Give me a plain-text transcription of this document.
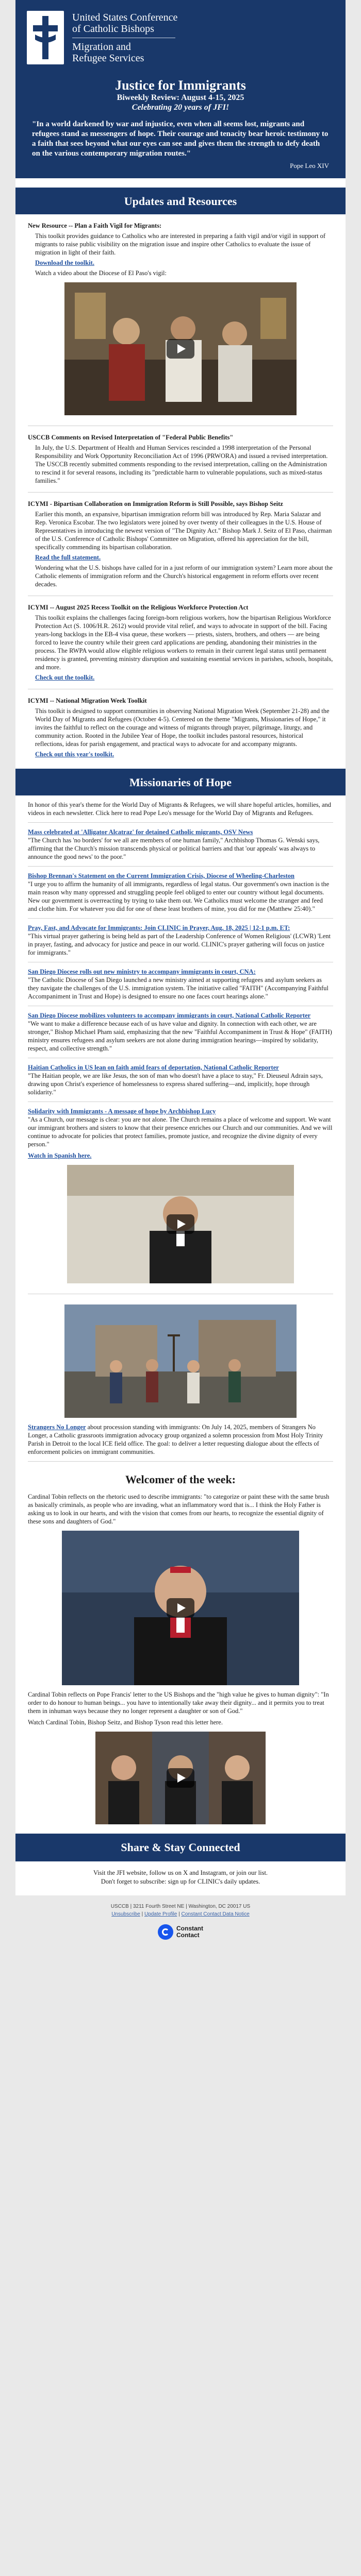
United States Conference
of Catholic Bishops
Migration and
Refugee Services
Justice for Immigrants
Biweekly Review: August 4-15, 2025
Celebrating 20 years of JFI!

"In a world darkened by war and injustice, even when all seems lost, migrants and refugees stand as messengers of hope. Their courage and tenacity bear heroic testimony to a faith that sees beyond what our eyes can see and gives them the strength to defy death on the various contemporary migration routes."

Pope Leo XIV
Updates and Resources
New Resource -- Plan a Faith Vigil for Migrants:

This toolkit provides guidance to Catholics who are interested in preparing a faith vigil and/or vigil in support of migrants to raise public visibility on the migration issue and inspire other Catholics to evaluate the issue of migration in light of their faith.

Download the toolkit.

Watch a video about the Diocese of El Paso's vigil:

USCCB Comments on Revised Interpretation of "Federal Public Benefits"

In July, the U.S. Department of Health and Human Services rescinded a 1998 interpretation of the Personal Responsibility and Work Opportunity Reconciliation Act of 1996 (PRWORA) and issued a revised interpretation. The USCCB recently submitted comments responding to the revised interpretation, calling on the Administration to rescind it for several reasons, including its "predictable harm to vulnerable populations, such as mixed-status families."

ICYMI - Bipartisan Collaboration on Immigration Reform is Still Possible, says Bishop Seitz

Earlier this month, an expansive, bipartisan immigration reform bill was introduced by Rep. Maria Salazar and Rep. Veronica Escobar. The two legislators were joined by over twenty of their colleagues in the U.S. House of Representatives in introducing the newest version of "The Dignity Act." Bishop Mark J. Seitz of El Paso, chairman of the U.S. Conference of Catholic Bishops' Committee on Migration, offered his appreciation for the bill, specifically commending its bipartisan collaboration.

Read the full statement.

Wondering what the U.S. bishops have called for in a just reform of our immigration system? Learn more about the Catholic elements of immigration reform and the Church's historical engagement in reform efforts over recent decades.

ICYMI -- August 2025 Recess Toolkit on the Religious Workforce Protection Act

This toolkit explains the challenges facing foreign-born religious workers, how the bipartisan Religious Workforce Protection Act (S. 1006/H.R. 2612) would provide vital relief, and ways to advocate in support of the bill. Facing years-long backlogs in the EB-4 visa queue, these workers — priests, sisters, brothers, and others — are being forced to leave the country while their green card applications are pending, abandoning their ministries in the process. The RWPA would allow eligible religious workers to remain in their current legal status until permanent residency is granted, preventing ministry disruption and sustaining essential services in parishes, schools, hospitals, and more.

Check out the toolkit.

ICYMI -- National Migration Week Toolkit

This toolkit is designed to support communities in observing National Migration Week (September 21-28) and the World Day of Migrants and Refugees (October 4-5). Centered on the theme "Migrants, Missionaries of Hope," it invites the faithful to reflect on the courage and witness of migrants through prayer, pilgrimage, liturgy, and community action. Rooted in the Jubilee Year of Hope, the toolkit includes pastoral resources, historical reflections, ideas for parish engagement, and practical ways to advocate for and accompany migrants.

Check out this year's toolkit.

Missionaries of Hope
In honor of this year's theme for the World Day of Migrants & Refugees, we will share hopeful articles, homilies, and videos in each newsletter. Click here to read Pope Leo's message for the World Day of Migrants and Refugees.
Mass celebrated at 'Alligator Alcatraz' for detained Catholic migrants, OSV News
"The Church has 'no borders' for we all are members of one human family," Archbishop Thomas G. Wenski says, affirming that the Church's mission transcends physical or political barriers and that 'our appeals' was always to announce the good news' to the poor."
Bishop Brennan's Statement on the Current Immigration Crisis, Diocese of Wheeling-Charleston
"I urge you to affirm the humanity of all immigrants, regardless of legal status. Our government's own inaction is the main reason why many oppressed and struggling people feel obliged to enter our country without legal documents. New our government is overreacting by trying to take them out. We Catholics must welcome the stranger and feed and clothe him. For whatever you did for one of these least brothers of mine, you did for me (Matthew 25:40)."
Pray, Fast, and Advocate for Immigrants: Join CLINIC in Prayer, Aug. 18, 2025 | 12-1 p.m. ET:
"This virtual prayer gathering is being held as part of the Leadership Conference of Women Religious' (LCWR) 'Lent in prayer, fasting, and advocacy for justice and peace in our world. CLINIC's prayer gathering will focus on justice for immigrants."
San Diego Diocese rolls out new ministry to accompany immigrants in court, CNA:
"The Catholic Diocese of San Diego launched a new ministry aimed at supporting refugees and asylum seekers as they navigate the challenges of the U.S. immigration system. The initiative called "FAITH" (Accompanying Faithful Accompaniment in Trust and Hope) is designed to ensure no one faces court hearings alone."
San Diego Diocese mobilizes volunteers to accompany immigrants in court, National Catholic Reporter
"We want to make a difference because each of us have value and dignity. In connection with each other, we are stronger," Bishop Michael Pham said, emphasizing that the new "Faithful Accompaniment in Trust & Hope" (FAITH) ministry ensures refugees and asylum seekers are not alone during immigration hearings—inspired by solidarity, respect, and collective strength."
Haitian Catholics in US lean on faith amid fears of deportation, National Catholic Reporter
"The Haitian people, we are like Jesus, the son of man who doesn't have a place to stay," Fr. Dieuseul Adrain says, drawing upon Christ's experience of homelessness to express shared suffering—and, implicitly, hope through solidarity."
Solidarity with Immigrants - A message of hope by Archbishop Lucy
"As a Church, our message is clear: you are not alone. The Church remains a place of welcome and support. We want our immigrant brothers and sisters to know that their presence enriches our Church and our communities. And we will continue to advocate for policies that protect families, promote justice, and recognize the divine dignity of every person."
Watch in Spanish here.
Strangers No Longer about procession standing with immigrants: On July 14, 2025, members of Strangers No Longer, a Catholic grassroots immigration advocacy group organized a solemn procession from Most Holy Trinity Parish in Detroit to the local ICE field office. The goal: to deliver a letter requesting dialogue about the effects of enforcement policies on immigrant communities.
Welcomer of the week:

Cardinal Tobin reflects on the rhetoric used to describe immigrants: "to categorize or paint these with the same brush as basically criminals, as people who are invading, what an inflammatory word that is... I think the Holy Father is asking us to look in our hearts, and with the vision that comes from our hearts, to recognize the essential dignity of these sons and daughters of God."

Cardinal Tobin reflects on Pope Francis' letter to the US Bishops and the "high value he gives to human dignity": "In order to do honour to human beings... you have to intentionally take away their dignity... and it permits you to treat them in inhuman ways because they no longer represent a daughter or son of God."

Watch Cardinal Tobin, Bishop Seitz, and Bishop Tyson read this letter here.

Share & Stay Connected
Visit the JFI website, follow us on X and Instagram, or join our list.
Don't forget to subscribe: sign up for CLINIC's daily updates.
USCCB | 3211 Fourth Street NE | Washington, DC 20017 US
Unsubscribe | Update Profile | Constant Contact Data Notice
Constant
Contact
